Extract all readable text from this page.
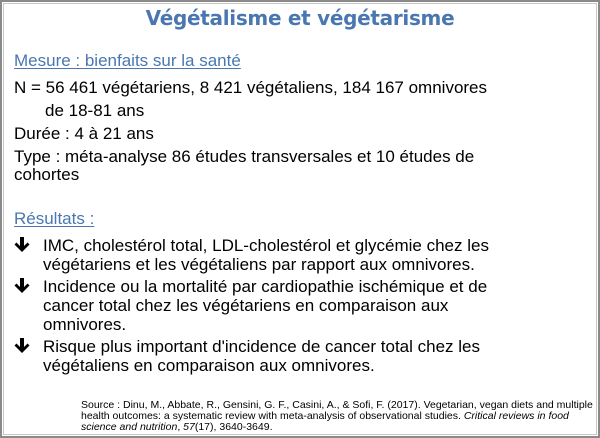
Végétalisme et végétarisme
Mesure : bienfaits sur la santé
N = 56 461 végétariens, 8 421 végétaliens, 184 167 omnivores
de 18-81 ans
Durée : 4 à 21 ans
Type : méta-analyse 86 études transversales et 10 études de
cohortes
Résultats :
IMC, cholestérol total, LDL-cholestérol et glycémie chez les
végétariens et les végétaliens par rapport aux omnivores.
Incidence ou la mortalité par cardiopathie ischémique et de
cancer total chez les végétariens en comparaison aux
omnivores.
Risque plus important d'incidence de cancer total chez les
végétaliens en comparaison aux omnivores.
Source : Dinu, M., Abbate, R., Gensini, G. F., Casini, A., & Sofi, F. (2017). Vegetarian, vegan diets and multiple health outcomes: a systematic review with meta-analysis of observational studies. Critical reviews in food science and nutrition, 57(17), 3640-3649.
